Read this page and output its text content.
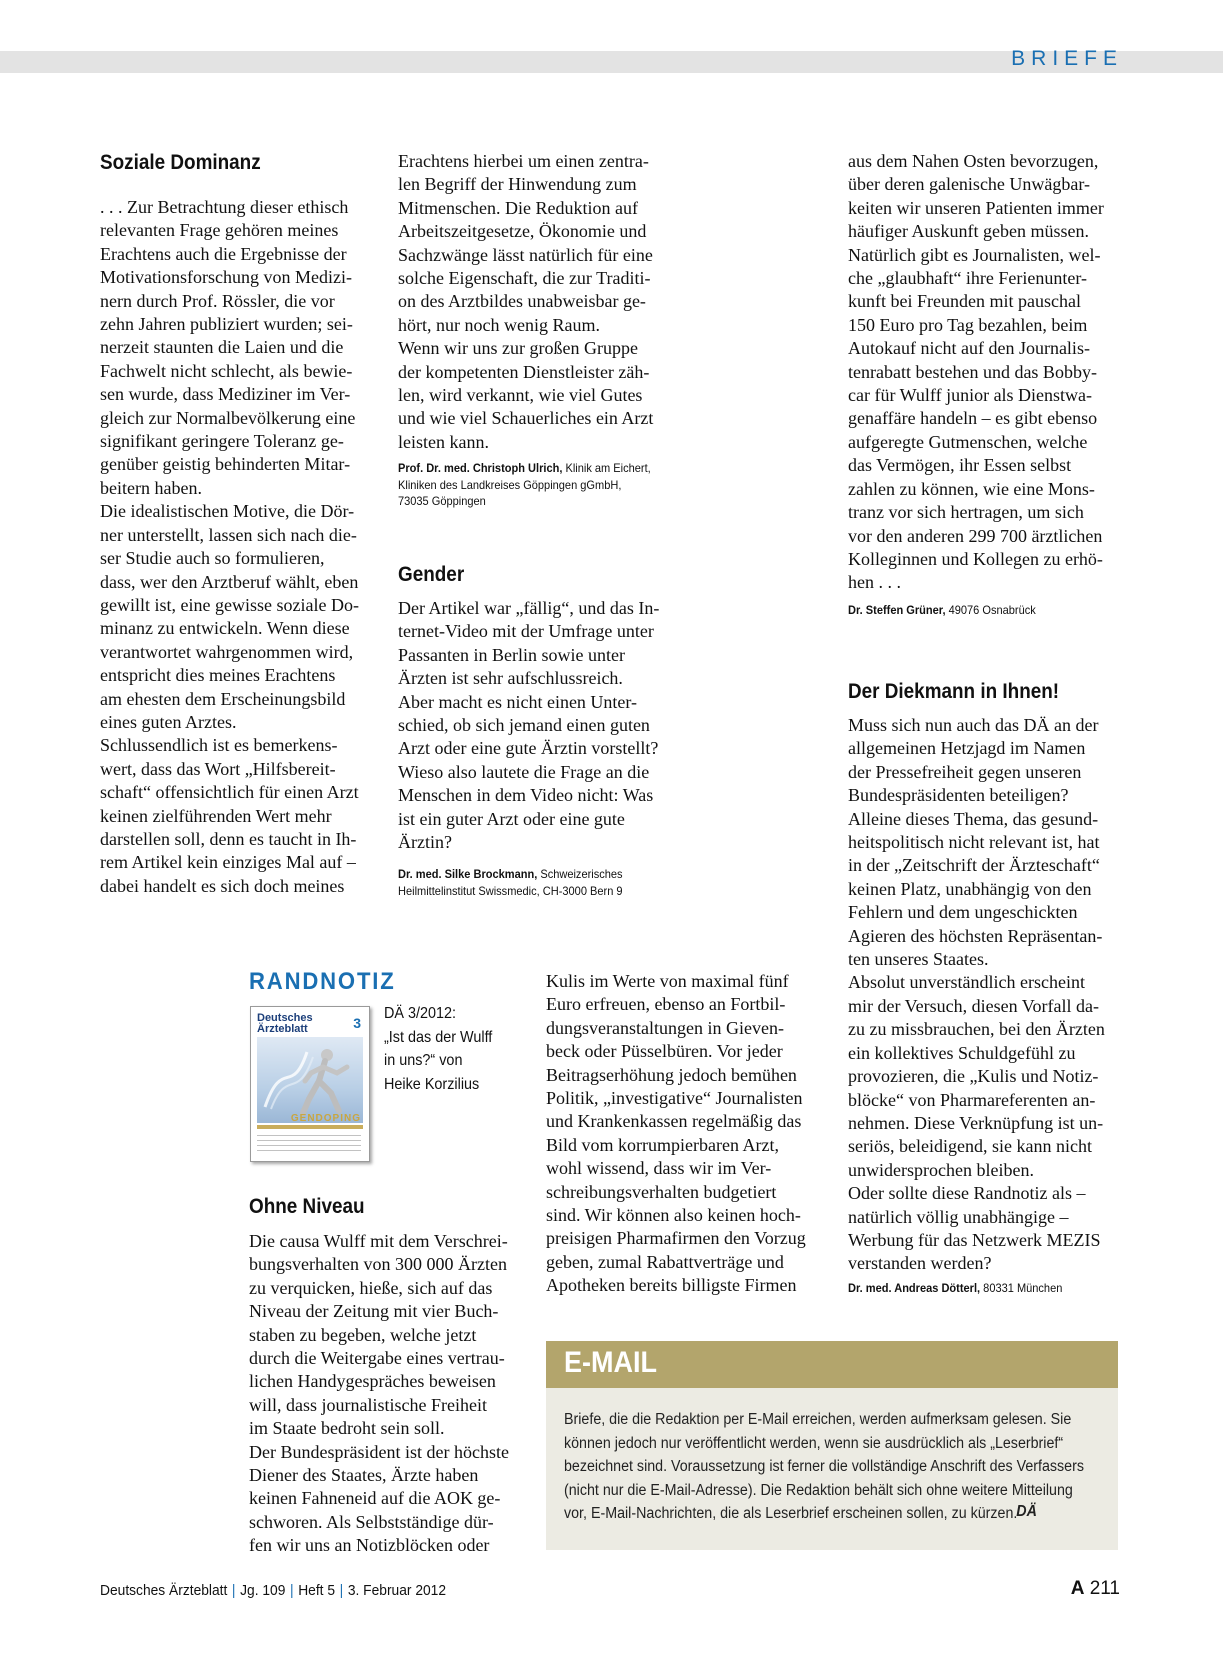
BRIEFE
Soziale Dominanz
. . . Zur Betrachtung dieser ethisch
relevanten Frage gehören meines
Erachtens auch die Ergebnisse der
Motivationsforschung von Medizi-
nern durch Prof. Rössler, die vor
zehn Jahren publiziert wurden; sei-
nerzeit staunten die Laien und die
Fachwelt nicht schlecht, als bewie-
sen wurde, dass Mediziner im Ver-
gleich zur Normalbevölkerung eine
signifikant geringere Toleranz ge-
genüber geistig behinderten Mitar-
beitern haben.
Die idealistischen Motive, die Dör-
ner unterstellt, lassen sich nach die-
ser Studie auch so formulieren,
dass, wer den Arztberuf wählt, eben
gewillt ist, eine gewisse soziale Do-
minanz zu entwickeln. Wenn diese
verantwortet wahrgenommen wird,
entspricht dies meines Erachtens
am ehesten dem Erscheinungsbild
eines guten Arztes.
Schlussendlich ist es bemerkens-
wert, dass das Wort „Hilfsbereit-
schaft“ offensichtlich für einen Arzt
keinen zielführenden Wert mehr
darstellen soll, denn es taucht in Ih-
rem Artikel kein einziges Mal auf –
dabei handelt es sich doch meines
Erachtens hierbei um einen zentra-
len Begriff der Hinwendung zum
Mitmenschen. Die Reduktion auf
Arbeitszeitgesetze, Ökonomie und
Sachzwänge lässt natürlich für eine
solche Eigenschaft, die zur Traditi-
on des Arztbildes unabweisbar ge-
hört, nur noch wenig Raum.
Wenn wir uns zur großen Gruppe
der kompetenten Dienstleister zäh-
len, wird verkannt, wie viel Gutes
und wie viel Schauerliches ein Arzt
leisten kann.
Prof. Dr. med. Christoph Ulrich, Klinik am Eichert,
Kliniken des Landkreises Göppingen gGmbH,
73035 Göppingen
Gender
Der Artikel war „fällig“, und das In-
ternet-Video mit der Umfrage unter
Passanten in Berlin sowie unter
Ärzten ist sehr aufschlussreich.
Aber macht es nicht einen Unter-
schied, ob sich jemand einen guten
Arzt oder eine gute Ärztin vorstellt?
Wieso also lautete die Frage an die
Menschen in dem Video nicht: Was
ist ein guter Arzt oder eine gute
Ärztin?
Dr. med. Silke Brockmann, Schweizerisches
Heilmittelinstitut Swissmedic, CH-3000 Bern 9
aus dem Nahen Osten bevorzugen,
über deren galenische Unwägbar-
keiten wir unseren Patienten immer
häufiger Auskunft geben müssen.
Natürlich gibt es Journalisten, wel-
che „glaubhaft“ ihre Ferienunter-
kunft bei Freunden mit pauschal
150 Euro pro Tag bezahlen, beim
Autokauf nicht auf den Journalis-
tenrabatt bestehen und das Bobby-
car für Wulff junior als Dienstwa-
genaffäre handeln – es gibt ebenso
aufgeregte Gutmenschen, welche
das Vermögen, ihr Essen selbst
zahlen zu können, wie eine Mons-
tranz vor sich hertragen, um sich
vor den anderen 299 700 ärztlichen
Kolleginnen und Kollegen zu erhö-
hen . . .
Dr. Steffen Grüner, 49076 Osnabrück
Der Diekmann in Ihnen!
Muss sich nun auch das DÄ an der
allgemeinen Hetzjagd im Namen
der Pressefreiheit gegen unseren
Bundespräsidenten beteiligen?
Alleine dieses Thema, das gesund-
heitspolitisch nicht relevant ist, hat
in der „Zeitschrift der Ärzteschaft“
keinen Platz, unabhängig von den
Fehlern und dem ungeschickten
Agieren des höchsten Repräsentan-
ten unseres Staates.
Absolut unverständlich erscheint
mir der Versuch, diesen Vorfall da-
zu zu missbrauchen, bei den Ärzten
ein kollektives Schuldgefühl zu
provozieren, die „Kulis und Notiz-
blöcke“ von Pharmareferenten an-
nehmen. Diese Verknüpfung ist un-
seriös, beleidigend, sie kann nicht
unwidersprochen bleiben.
Oder sollte diese Randnotiz als –
natürlich völlig unabhängige –
Werbung für das Netzwerk MEZIS
verstanden werden?
Dr. med. Andreas Dötterl, 80331 München
RANDNOTIZ
Deutsches
Ärzteblatt	3
GENDOPING
DÄ 3/2012:
„Ist das der Wulff
in uns?“ von
Heike Korzilius
Ohne Niveau
Die causa Wulff mit dem Verschrei-
bungsverhalten von 300 000 Ärzten
zu verquicken, hieße, sich auf das
Niveau der Zeitung mit vier Buch-
staben zu begeben, welche jetzt
durch die Weitergabe eines vertrau-
lichen Handygespräches beweisen
will, dass journalistische Freiheit
im Staate bedroht sein soll.
Der Bundespräsident ist der höchste
Diener des Staates, Ärzte haben
keinen Fahneneid auf die AOK ge-
schworen. Als Selbstständige dür-
fen wir uns an Notizblöcken oder
Kulis im Werte von maximal fünf
Euro erfreuen, ebenso an Fortbil-
dungsveranstaltungen in Gieven-
beck oder Püsselbüren. Vor jeder
Beitragserhöhung jedoch bemühen
Politik, „investigative“ Journalisten
und Krankenkassen regelmäßig das
Bild vom korrumpierbaren Arzt,
wohl wissend, dass wir im Ver-
schreibungsverhalten budgetiert
sind. Wir können also keinen hoch-
preisigen Pharmafirmen den Vorzug
geben, zumal Rabattverträge und
Apotheken bereits billigste Firmen
E-MAIL
Briefe, die die Redaktion per E-Mail erreichen, werden aufmerksam gelesen. Sie
können jedoch nur veröffentlicht werden, wenn sie ausdrücklich als „Leserbrief“
bezeichnet sind. Voraussetzung ist ferner die vollständige Anschrift des Verfassers
(nicht nur die E-Mail-Adresse). Die Redaktion behält sich ohne weitere Mitteilung
vor, E-Mail-Nachrichten, die als Leserbrief erscheinen sollen, zu kürzen.
DÄ
Deutsches Ärzteblatt | Jg. 109 | Heft 5 | 3. Februar 2012	A 211
